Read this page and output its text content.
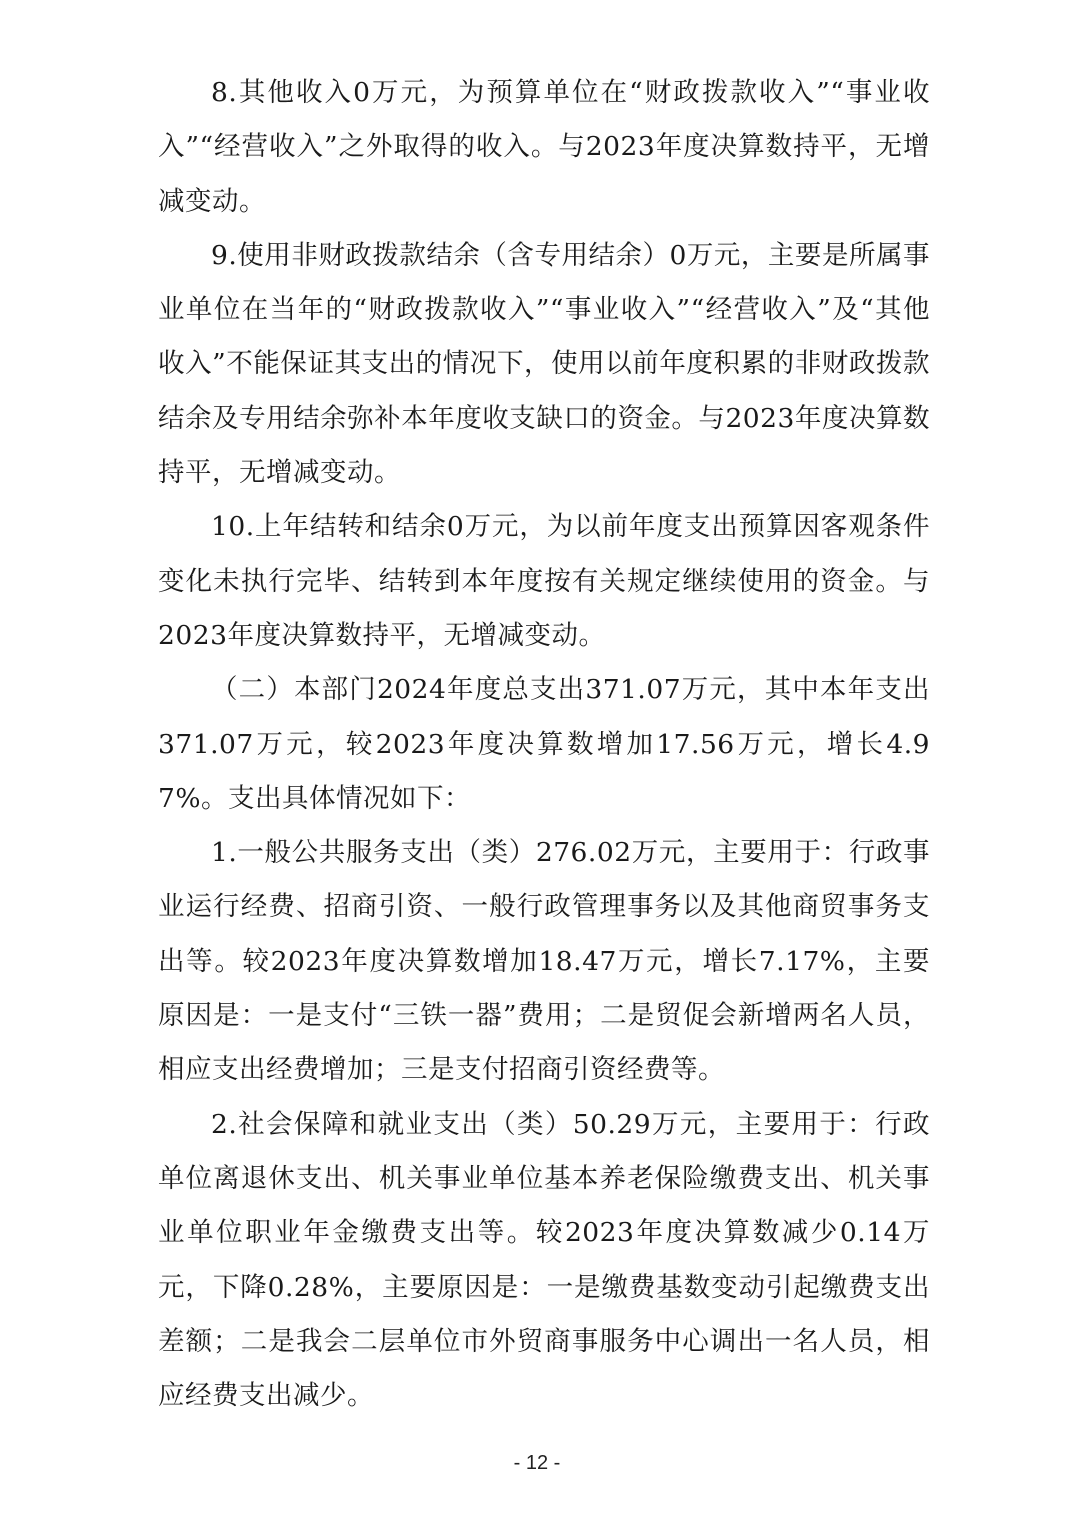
8.其他收入0万元，为预算单位在“财政拨款收入”“事业收入”“经营收入”之外取得的收入。与2023年度决算数持平，无增减变动。

9.使用非财政拨款结余（含专用结余）0万元，主要是所属事业单位在当年的“财政拨款收入”“事业收入”“经营收入”及“其他收入”不能保证其支出的情况下，使用以前年度积累的非财政拨款结余及专用结余弥补本年度收支缺口的资金。与2023年度决算数持平，无增减变动。

10.上年结转和结余0万元，为以前年度支出预算因客观条件变化未执行完毕、结转到本年度按有关规定继续使用的资金。与2023年度决算数持平，无增减变动。

（二）本部门2024年度总支出371.07万元，其中本年支出371.07万元，较2023年度决算数增加17.56万元，增长4.97%。支出具体情况如下：

1.一般公共服务支出（类）276.02万元，主要用于：行政事业运行经费、招商引资、一般行政管理事务以及其他商贸事务支出等。较2023年度决算数增加18.47万元，增长7.17%，主要原因是：一是支付“三铁一器”费用；二是贸促会新增两名人员，相应支出经费增加；三是支付招商引资经费等。

2.社会保障和就业支出（类）50.29万元，主要用于：行政单位离退休支出、机关事业单位基本养老保险缴费支出、机关事业单位职业年金缴费支出等。较2023年度决算数减少0.14万元，下降0.28%，主要原因是：一是缴费基数变动引起缴费支出差额；二是我会二层单位市外贸商事服务中心调出一名人员，相应经费支出减少。

- 12 -
